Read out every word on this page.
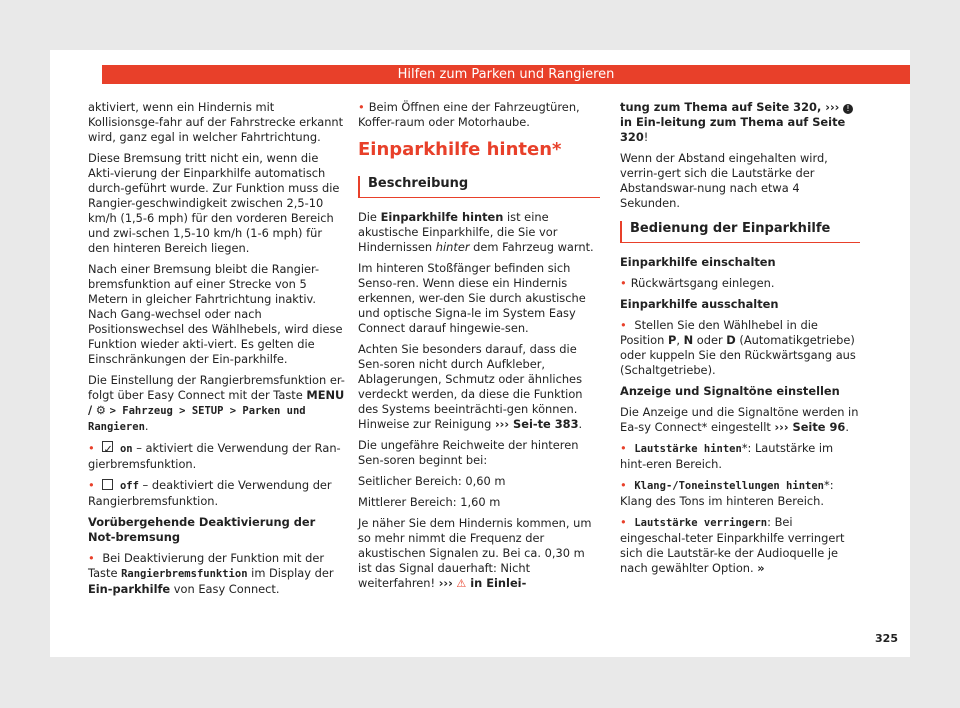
Hilfen zum Parken und Rangieren

aktiviert, wenn ein Hindernis mit Kollisionsge-fahr auf der Fahrstrecke erkannt wird, ganz egal in welcher Fahrtrichtung.

Diese Bremsung tritt nicht ein, wenn die Akti-vierung der Einparkhilfe automatisch durch-geführt wurde. Zur Funktion muss die Rangier-geschwindigkeit zwischen 2,5-10 km/h (1,5-6 mph) für den vorderen Bereich und zwi-schen 1,5-10 km/h (1-6 mph) für den hinteren Bereich liegen.

Nach einer Bremsung bleibt die Rangier-bremsfunktion auf einer Strecke von 5 Metern in gleicher Fahrtrichtung inaktiv. Nach Gang-wechsel oder nach Positionswechsel des Wählhebels, wird diese Funktion wieder akti-viert. Es gelten die Einschränkungen der Ein-parkhilfe.

Die Einstellung der Rangierbremsfunktion er-folgt über Easy Connect mit der Taste MENU / ⚙ > Fahrzeug > SETUP > Parken und Rangieren.

• ✓ on – aktiviert die Verwendung der Ran-gierbremsfunktion.

• off – deaktiviert die Verwendung der Rangierbremsfunktion.

Vorübergehende Deaktivierung der Not-bremsung

• Bei Deaktivierung der Funktion mit der Taste Rangierbremsfunktion im Display der Ein-parkhilfe von Easy Connect.

• Beim Öffnen eine der Fahrzeugtüren, Koffer-raum oder Motorhaube.

Einparkhilfe hinten*
Beschreibung

Die Einparkhilfe hinten ist eine akustische Einparkhilfe, die Sie vor Hindernissen hinter dem Fahrzeug warnt.

Im hinteren Stoßfänger befinden sich Senso-ren. Wenn diese ein Hindernis erkennen, wer-den Sie durch akustische und optische Signa-le im System Easy Connect darauf hingewie-sen.

Achten Sie besonders darauf, dass die Sen-soren nicht durch Aufkleber, Ablagerungen, Schmutz oder ähnliches verdeckt werden, da diese die Funktion des Systems beeinträchti-gen können. Hinweise zur Reinigung ››› Sei-te 383.

Die ungefähre Reichweite der hinteren Sen-soren beginnt bei:

Seitlicher Bereich: 0,60 m

Mittlerer Bereich: 1,60 m

Je näher Sie dem Hindernis kommen, um so mehr nimmt die Frequenz der akustischen Signalen zu. Bei ca. 0,30 m ist das Signal dauerhaft: Nicht weiterfahren! ››› ⚠ in Einlei-

tung zum Thema auf Seite 320, ››› ! in Ein-leitung zum Thema auf Seite 320!

Wenn der Abstand eingehalten wird, verrin-gert sich die Lautstärke der Abstandswar-nung nach etwa 4 Sekunden.

Bedienung der Einparkhilfe

Einparkhilfe einschalten

• Rückwärtsgang einlegen.

Einparkhilfe ausschalten

• Stellen Sie den Wählhebel in die Position P, N oder D (Automatikgetriebe) oder kuppeln Sie den Rückwärtsgang aus (Schaltgetriebe).

Anzeige und Signaltöne einstellen

Die Anzeige und die Signaltöne werden in Ea-sy Connect* eingestellt ››› Seite 96.

• Lautstärke hinten*: Lautstärke im hint-eren Bereich.

• Klang-/Toneinstellungen hinten*: Klang des Tons im hinteren Bereich.

• Lautstärke verringern: Bei eingeschal-teter Einparkhilfe verringert sich die Lautstär-ke der Audioquelle je nach gewählter Option. »

325
